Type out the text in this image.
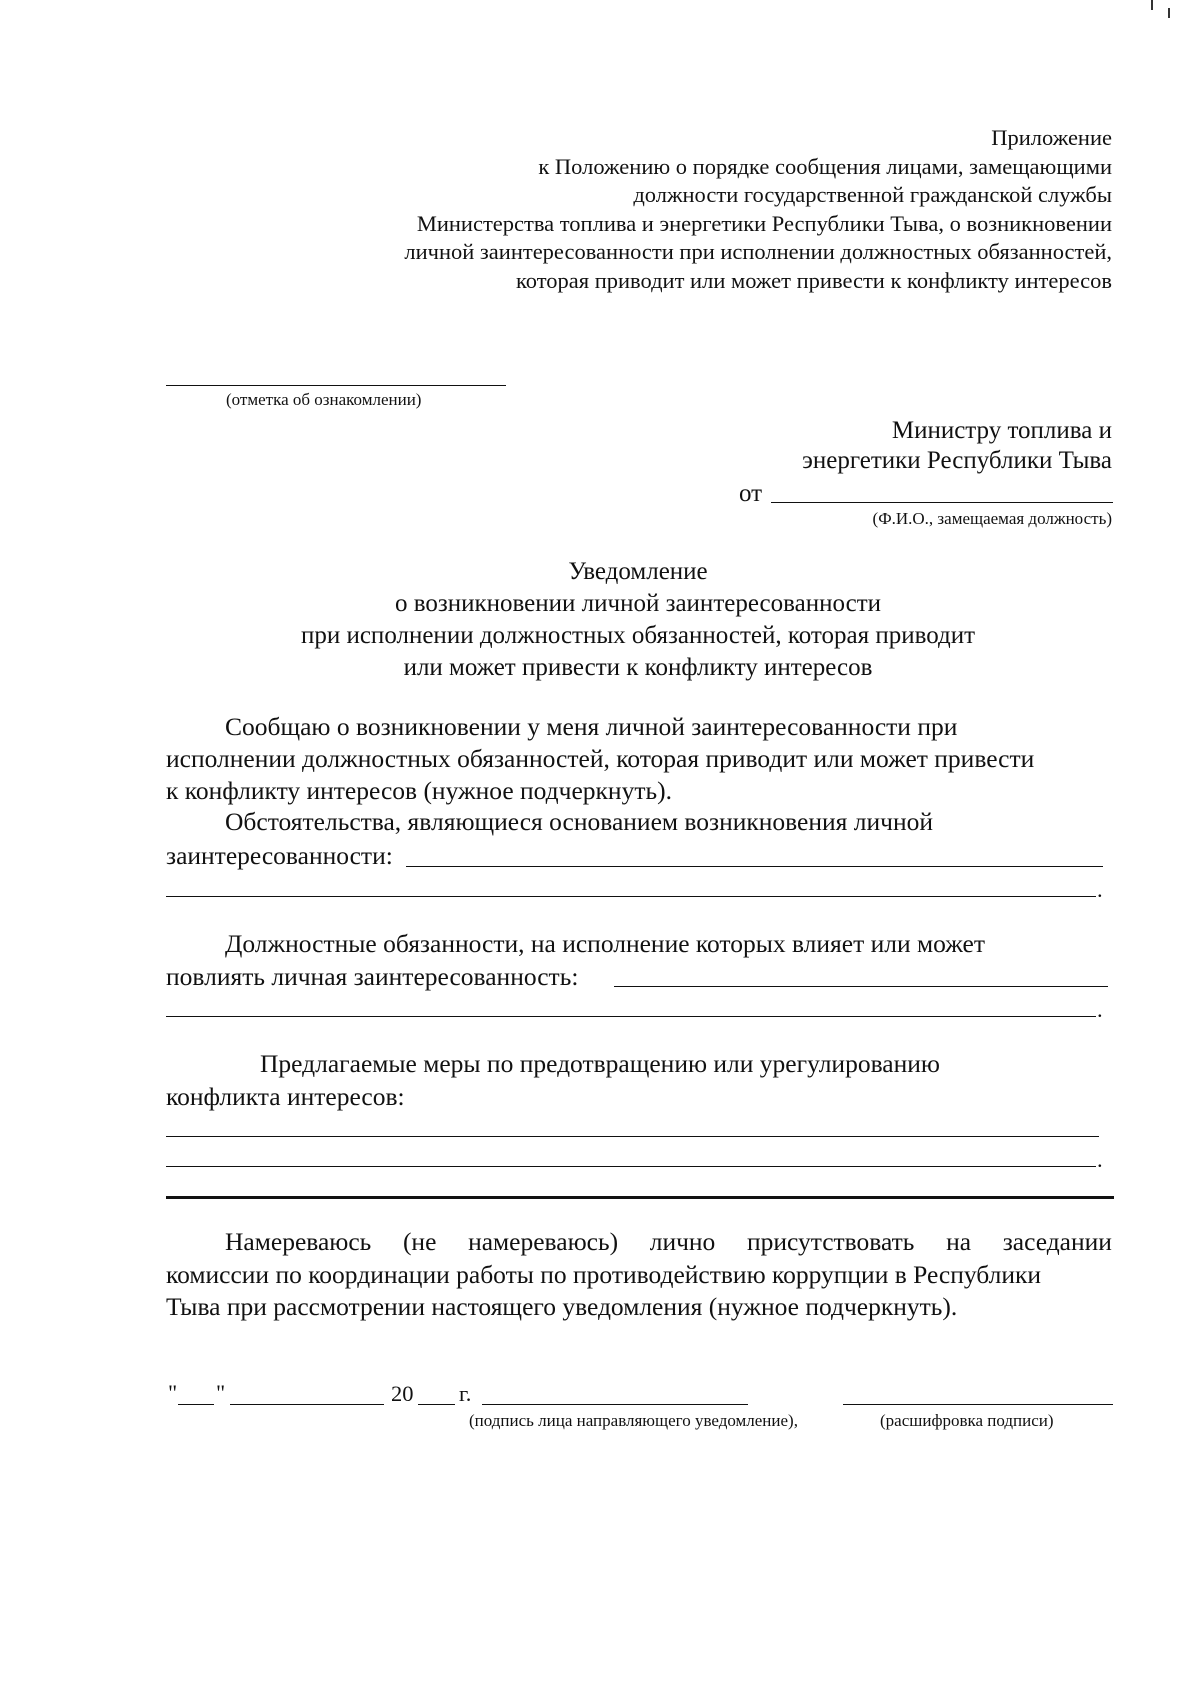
Приложение
к Положению о порядке сообщения лицами, замещающими
должности государственной гражданской службы
Министерства топлива и энергетики Республики Тыва, о возникновении
личной заинтересованности при исполнении должностных обязанностей,
которая приводит или может привести к конфликту интересов
(отметка об ознакомлении)
Министру топлива и
энергетики Республики Тыва
от
(Ф.И.О., замещаемая должность)
Уведомление
о возникновении личной заинтересованности
при исполнении должностных обязанностей, которая приводит
или может привести к конфликту интересов
Сообщаю о возникновении у меня личной заинтересованности при
исполнении должностных обязанностей, которая приводит или может привести
к конфликту интересов (нужное подчеркнуть).
Обстоятельства, являющиеся основанием возникновения личной
заинтересованности:
.
Должностные обязанности, на исполнение которых влияет или может
повлиять личная заинтересованность:
.
Предлагаемые меры по предотвращению или урегулированию
конфликта интересов:
.
Намереваюсь (не намереваюсь) лично присутствовать на заседании
комиссии по координации работы по противодействию коррупции в Республики
Тыва при рассмотрении настоящего уведомления (нужное подчеркнуть).
" "	20 г.
(подпись лица направляющего уведомление),	(расшифровка подписи)
